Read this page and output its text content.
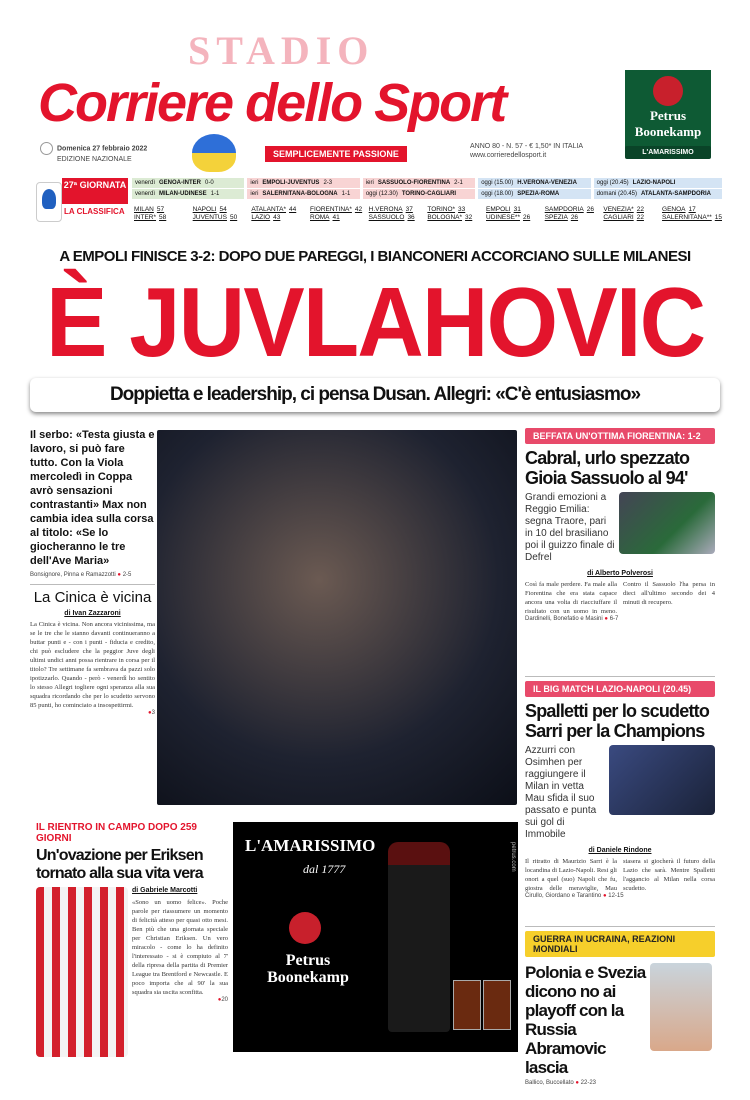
STADIO
Corriere dello Sport
Domenica 27 febbraio 2022
EDIZIONE NAZIONALE
SEMPLICEMENTE PASSIONE
ANNO 80 - N. 57 - € 1,50* IN ITALIA
www.corrieredellosport.it
Petrus Boonekamp
L'AMARISSIMO
27ª GIORNATA
LA CLASSIFICA
venerdì GENOA-INTER 0-0	ieri EMPOLI-JUVENTUS 2-3	ieri SASSUOLO-FIORENTINA 2-1	oggi (15.00) H.VERONA-VENEZIA	oggi (20.45) LAZIO-NAPOLI
venerdì MILAN-UDINESE 1-1	ieri SALERNITANA-BOLOGNA 1-1	oggi (12.30) TORINO-CAGLIARI	oggi (18.00) SPEZIA-ROMA	domani (20.45) ATALANTA-SAMPDORIA
MILAN 57	NAPOLI 54	ATALANTA* 44	FIORENTINA* 42	H.VERONA 37	TORINO* 33	EMPOLI 31	SAMPDORIA 26	VENEZIA* 22	GENOA 17
INTER* 58	JUVENTUS 50	LAZIO 43	ROMA 41	SASSUOLO 36	BOLOGNA* 32	UDINESE** 26	SPEZIA 26	CAGLIARI 22	SALERNITANA** 15
A EMPOLI FINISCE 3-2: DOPO DUE PAREGGI, I BIANCONERI ACCORCIANO SULLE MILANESI
È JUVLAHOVIC
Doppietta e leadership, ci pensa Dusan. Allegri: «C'è entusiasmo»
Il serbo: «Testa giusta e lavoro, si può fare tutto. Con la Viola mercoledì in Coppa avrò sensazioni contrastanti» Max non cambia idea sulla corsa al titolo: «Se lo giocheranno le tre dell'Ave Maria»
Bonsignore, Pinna e Ramazzotti ● 2-5
La Cinica è vicina
di Ivan Zazzaroni
La Cinica è vicina. Non ancora vicinissima, ma se le tre che le stanno davanti continueranno a buttar punti e - con i punti - fiducia e credito, chi può escludere che la peggior Juve degli ultimi undici anni possa rientrare in corsa per il titolo? Tre settimane fa sembrava da pazzi solo ipotizzarlo. Quando - però - venerdì ho sentito lo stesso Allegri togliere ogni speranza alla sua squadra ricordando che per lo scudetto servono 85 punti, ho cominciato a insospettirmi.
●3
BEFFATA UN'OTTIMA FIORENTINA: 1-2
Cabral, urlo spezzato Gioia Sassuolo al 94'
Grandi emozioni a Reggio Emilia: segna Traore, pari in 10 del brasiliano poi il guizzo finale di Defrel
di Alberto Polverosi
Così fa male perdere. Fa male alla Fiorentina che era stata capace ancora una volta di riacciuffare il risultato con un uomo in meno. Contro il Sassuolo l'ha persa in dieci all'ultimo secondo dei 4 minuti di recupero.
Dardinelli, Bonefatio e Masini ● 6-7
IL BIG MATCH LAZIO-NAPOLI (20.45)
Spalletti per lo scudetto Sarri per la Champions
Azzurri con Osimhen per raggiungere il Milan in vetta Mau sfida il suo passato e punta sui gol di Immobile
di Daniele Rindone
Il ritratto di Maurizio Sarri è la locandina di Lazio-Napoli. Resi gli onori a quel (suo) Napoli che fu, giostra delle meraviglie, Mau stasera si giocherà il futuro della Lazio che sarà. Mentre Spalletti l'aggancio al Milan nella corsa scudetto.
Cirullo, Giordano e Tarantino ● 12-15
GUERRA IN UCRAINA, REAZIONI MONDIALI
Polonia e Svezia dicono no ai playoff con la Russia Abramovic lascia
Ballico, Buccellato ● 22-23
IL RIENTRO IN CAMPO DOPO 259 GIORNI
Un'ovazione per Eriksen tornato alla sua vita vera
di Gabriele Marcotti
«Sono un uomo felice». Poche parole per riassumere un momento di felicità atteso per quasi otto mesi. Ben più che una giornata speciale per Christian Eriksen. Un vero miracolo - come lo ha definito l'interessato - si è compiuto al 7' della ripresa della partita di Premier League tra Brentford e Newcastle. E poco importa che al 90' la sua squadra sia uscita sconfitta.
●20
L'AMARISSIMO
dal 1777
Petrus Boonekamp
petrus.com
